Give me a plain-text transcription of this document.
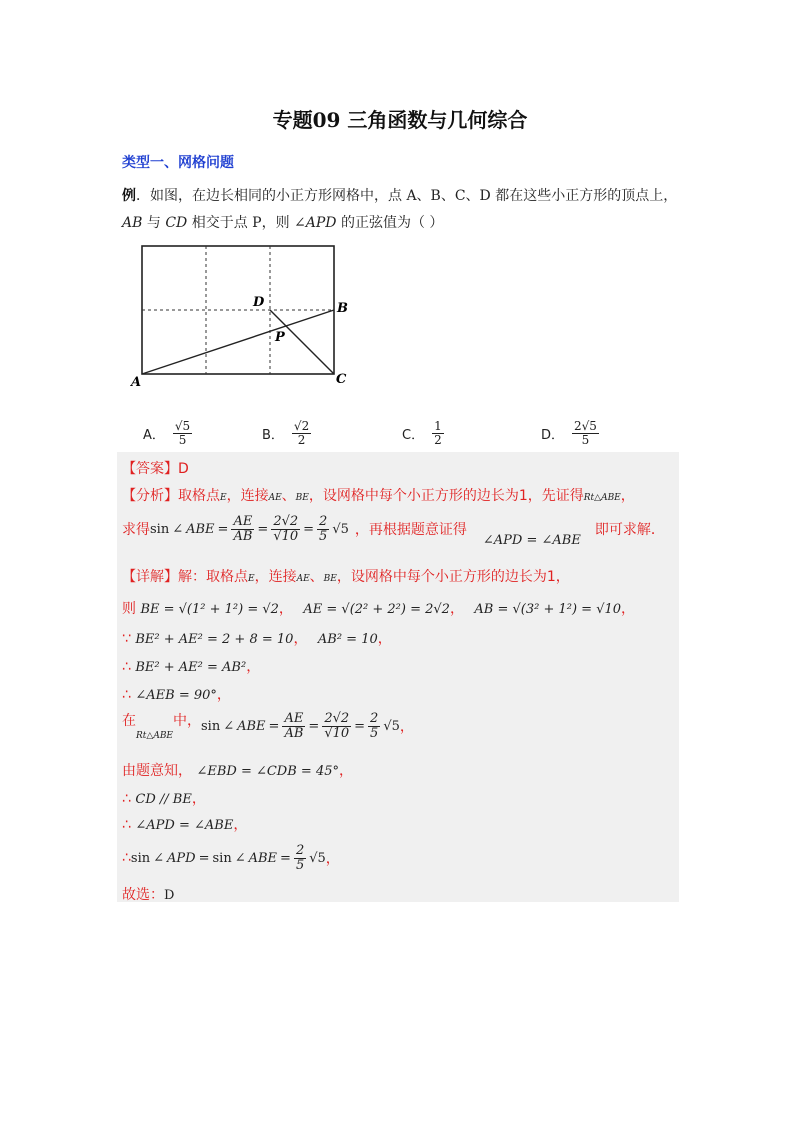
专题09 三角函数与几何综合
类型一、网格问题
例．如图，在边长相同的小正方形网格中，点 A、B、C、D 都在这些小正方形的顶点上，
AB 与 CD 相交于点 P，则 ∠APD 的正弦值为（ ）
A
B
C
D
P
A． $\frac{√5}{5}$	B． $\frac{√2}{2}$	C． $\frac{1}{2}$	D． $\frac{2√5}{5}$
【答案】D
【分析】取格点E，连接AE、BE，设网格中每个小正方形的边长为1，先证得Rt△ABE，
求得 sin ∠ ABE = $\frac{AE}{AB} = \frac{2√2}{√10} = \frac{2}{5} √5$ ，再根据题意证得
∠APD = ∠ABE
即可求解．
【详解】解：取格点E，连接AE、BE，设网格中每个小正方形的边长为1，
则 BE = √(1² + 1²) = √2， AE = √(2² + 2²) = 2√2， AB = √(3² + 1²) = √10，
∵ BE² + AE² = 2 + 8 = 10， AB² = 10，
∴ BE² + AE² = AB²，
∴ ∠AEB = 90°，
在
Rt△ABE
中， sin ∠ ABE = $\frac{AE}{AB} = \frac{2√2}{√10} = \frac{2}{5} √5$ ，
由题意知， ∠EBD = ∠CDB = 45°，
∴ CD // BE，
∴ ∠APD = ∠ABE，
∴ sin ∠ APD = sin ∠ ABE = $\frac{2}{5} √5$ ，
故选：D
